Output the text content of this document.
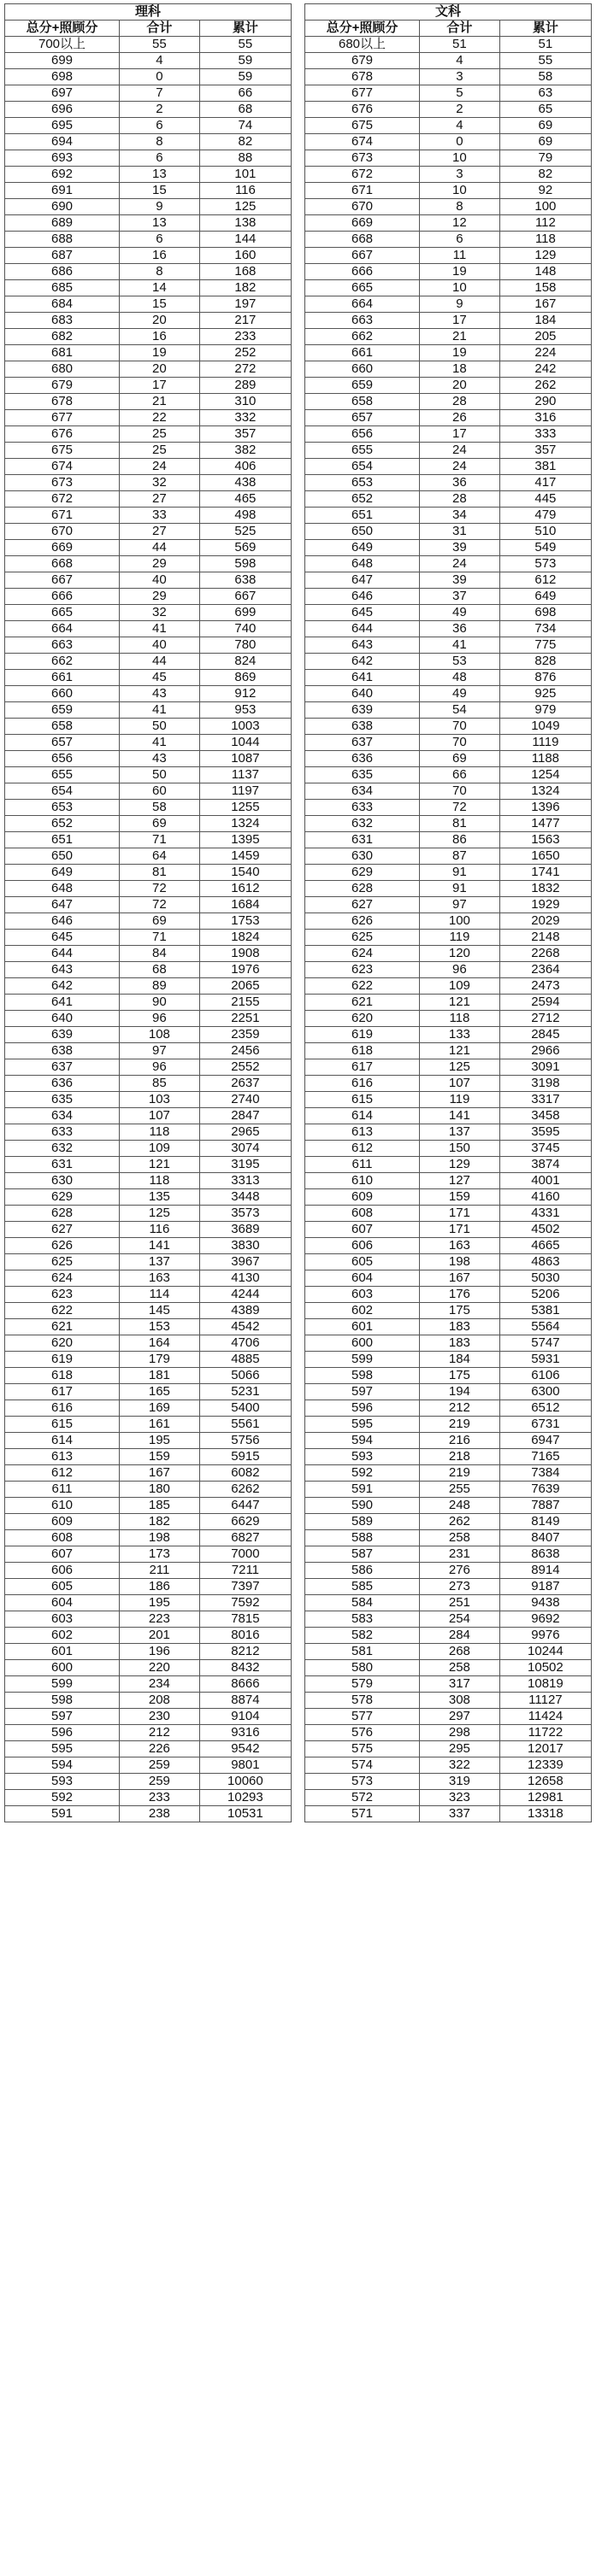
理科		
总分+照顾分	合计	累计
700以上	55	55
699	4	59
698	0	59
697	7	66
696	2	68
695	6	74
694	8	82
693	6	88
692	13	101
691	15	116
690	9	125
689	13	138
688	6	144
687	16	160
686	8	168
685	14	182
684	15	197
683	20	217
682	16	233
681	19	252
680	20	272
679	17	289
678	21	310
677	22	332
676	25	357
675	25	382
674	24	406
673	32	438
672	27	465
671	33	498
670	27	525
669	44	569
668	29	598
667	40	638
666	29	667
665	32	699
664	41	740
663	40	780
662	44	824
661	45	869
660	43	912
659	41	953
658	50	1003
657	41	1044
656	43	1087
655	50	1137
654	60	1197
653	58	1255
652	69	1324
651	71	1395
650	64	1459
649	81	1540
648	72	1612
647	72	1684
646	69	1753
645	71	1824
644	84	1908
643	68	1976
642	89	2065
641	90	2155
640	96	2251
639	108	2359
638	97	2456
637	96	2552
636	85	2637
635	103	2740
634	107	2847
633	118	2965
632	109	3074
631	121	3195
630	118	3313
629	135	3448
628	125	3573
627	116	3689
626	141	3830
625	137	3967
624	163	4130
623	114	4244
622	145	4389
621	153	4542
620	164	4706
619	179	4885
618	181	5066
617	165	5231
616	169	5400
615	161	5561
614	195	5756
613	159	5915
612	167	6082
611	180	6262
610	185	6447
609	182	6629
608	198	6827
607	173	7000
606	211	7211
605	186	7397
604	195	7592
603	223	7815
602	201	8016
601	196	8212
600	220	8432
599	234	8666
598	208	8874
597	230	9104
596	212	9316
595	226	9542
594	259	9801
593	259	10060
592	233	10293
591	238	10531
文科		
总分+照顾分	合计	累计
680以上	51	51
679	4	55
678	3	58
677	5	63
676	2	65
675	4	69
674	0	69
673	10	79
672	3	82
671	10	92
670	8	100
669	12	112
668	6	118
667	11	129
666	19	148
665	10	158
664	9	167
663	17	184
662	21	205
661	19	224
660	18	242
659	20	262
658	28	290
657	26	316
656	17	333
655	24	357
654	24	381
653	36	417
652	28	445
651	34	479
650	31	510
649	39	549
648	24	573
647	39	612
646	37	649
645	49	698
644	36	734
643	41	775
642	53	828
641	48	876
640	49	925
639	54	979
638	70	1049
637	70	1119
636	69	1188
635	66	1254
634	70	1324
633	72	1396
632	81	1477
631	86	1563
630	87	1650
629	91	1741
628	91	1832
627	97	1929
626	100	2029
625	119	2148
624	120	2268
623	96	2364
622	109	2473
621	121	2594
620	118	2712
619	133	2845
618	121	2966
617	125	3091
616	107	3198
615	119	3317
614	141	3458
613	137	3595
612	150	3745
611	129	3874
610	127	4001
609	159	4160
608	171	4331
607	171	4502
606	163	4665
605	198	4863
604	167	5030
603	176	5206
602	175	5381
601	183	5564
600	183	5747
599	184	5931
598	175	6106
597	194	6300
596	212	6512
595	219	6731
594	216	6947
593	218	7165
592	219	7384
591	255	7639
590	248	7887
589	262	8149
588	258	8407
587	231	8638
586	276	8914
585	273	9187
584	251	9438
583	254	9692
582	284	9976
581	268	10244
580	258	10502
579	317	10819
578	308	11127
577	297	11424
576	298	11722
575	295	12017
574	322	12339
573	319	12658
572	323	12981
571	337	13318
